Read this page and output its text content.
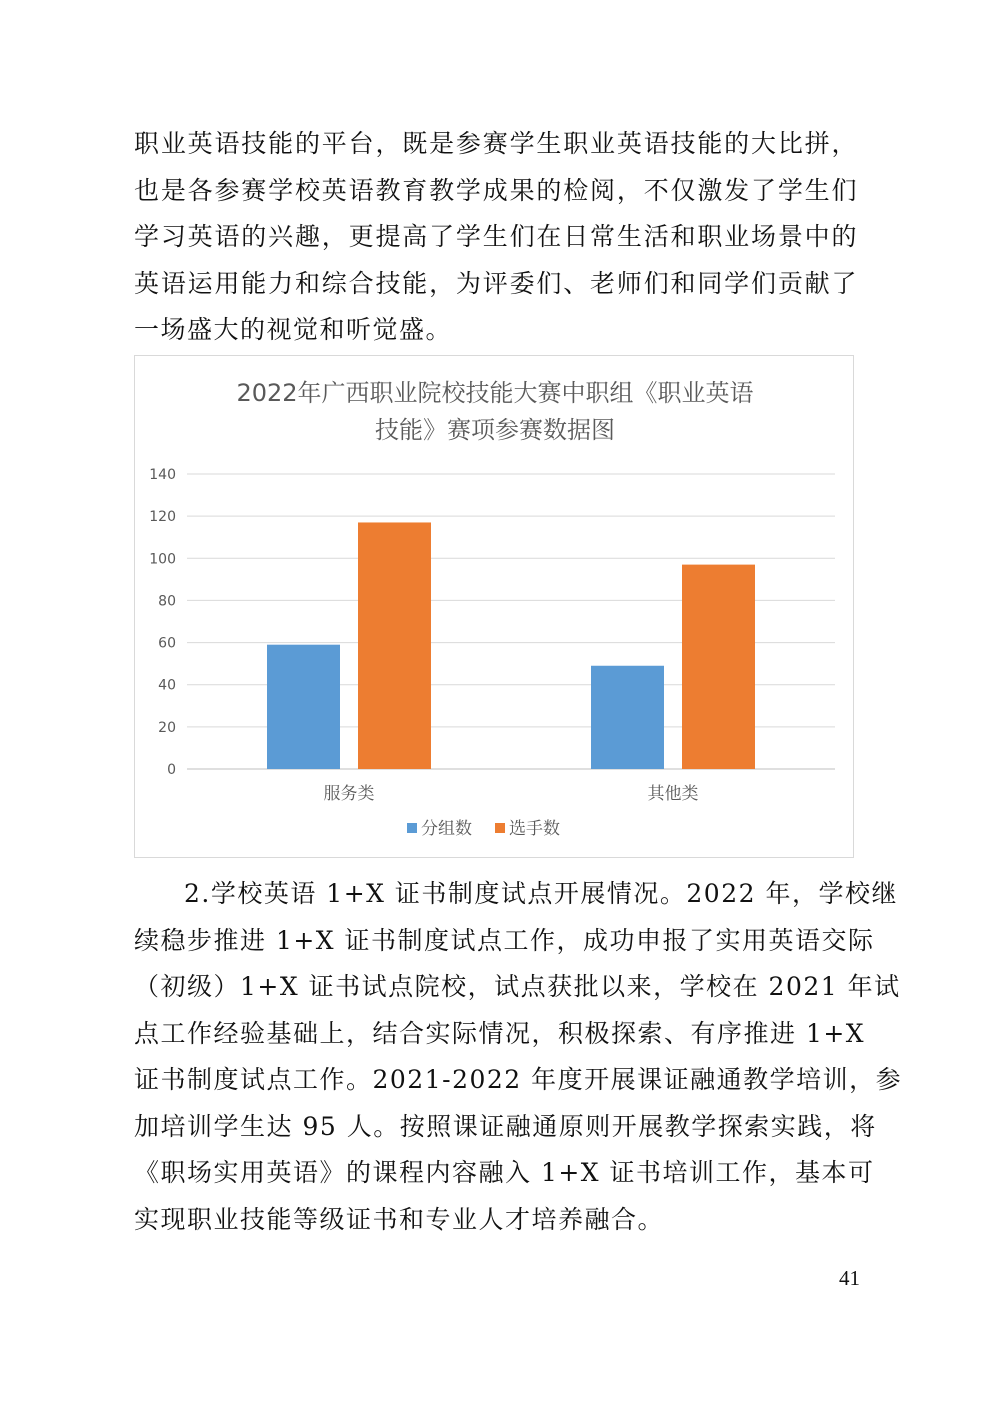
职业英语技能的平台，既是参赛学生职业英语技能的大比拼，
也是各参赛学校英语教育教学成果的检阅，不仅激发了学生们
学习英语的兴趣，更提高了学生们在日常生活和职业场景中的
英语运用能力和综合技能，为评委们、老师们和同学们贡献了
一场盛大的视觉和听觉盛。
2022年广西职业院校技能大赛中职组《职业英语
技能》赛项参赛数据图
0
20
40
60
80
100
120
140
服务类	其他类
分组数 选手数
2.学校英语 1+X 证书制度试点开展情况。2022 年，学校继
续稳步推进 1+X 证书制度试点工作，成功申报了实用英语交际
（初级）1+X 证书试点院校，试点获批以来，学校在 2021 年试
点工作经验基础上，结合实际情况，积极探索、有序推进 1+X
证书制度试点工作。2021-2022 年度开展课证融通教学培训，参
加培训学生达 95 人。按照课证融通原则开展教学探索实践，将
《职场实用英语》的课程内容融入 1+X 证书培训工作，基本可
实现职业技能等级证书和专业人才培养融合。
41
